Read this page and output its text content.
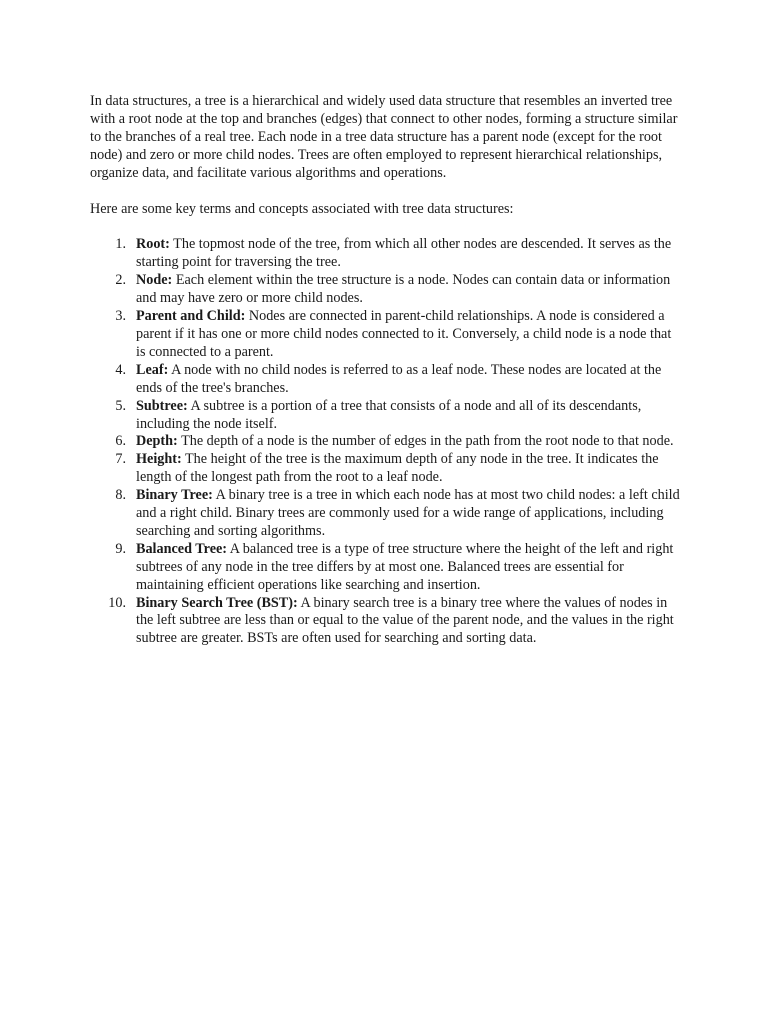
In data structures, a tree is a hierarchical and widely used data structure that resembles an inverted tree with a root node at the top and branches (edges) that connect to other nodes, forming a structure similar to the branches of a real tree. Each node in a tree data structure has a parent node (except for the root node) and zero or more child nodes. Trees are often employed to represent hierarchical relationships, organize data, and facilitate various algorithms and operations.

Here are some key terms and concepts associated with tree data structures:

1. Root: The topmost node of the tree, from which all other nodes are descended. It serves as the starting point for traversing the tree.
2. Node: Each element within the tree structure is a node. Nodes can contain data or information and may have zero or more child nodes.
3. Parent and Child: Nodes are connected in parent-child relationships. A node is considered a parent if it has one or more child nodes connected to it. Conversely, a child node is a node that is connected to a parent.
4. Leaf: A node with no child nodes is referred to as a leaf node. These nodes are located at the ends of the tree's branches.
5. Subtree: A subtree is a portion of a tree that consists of a node and all of its descendants, including the node itself.
6. Depth: The depth of a node is the number of edges in the path from the root node to that node.
7. Height: The height of the tree is the maximum depth of any node in the tree. It indicates the length of the longest path from the root to a leaf node.
8. Binary Tree: A binary tree is a tree in which each node has at most two child nodes: a left child and a right child. Binary trees are commonly used for a wide range of applications, including searching and sorting algorithms.
9. Balanced Tree: A balanced tree is a type of tree structure where the height of the left and right subtrees of any node in the tree differs by at most one. Balanced trees are essential for maintaining efficient operations like searching and insertion.
10. Binary Search Tree (BST): A binary search tree is a binary tree where the values of nodes in the left subtree are less than or equal to the value of the parent node, and the values in the right subtree are greater. BSTs are often used for searching and sorting data.
